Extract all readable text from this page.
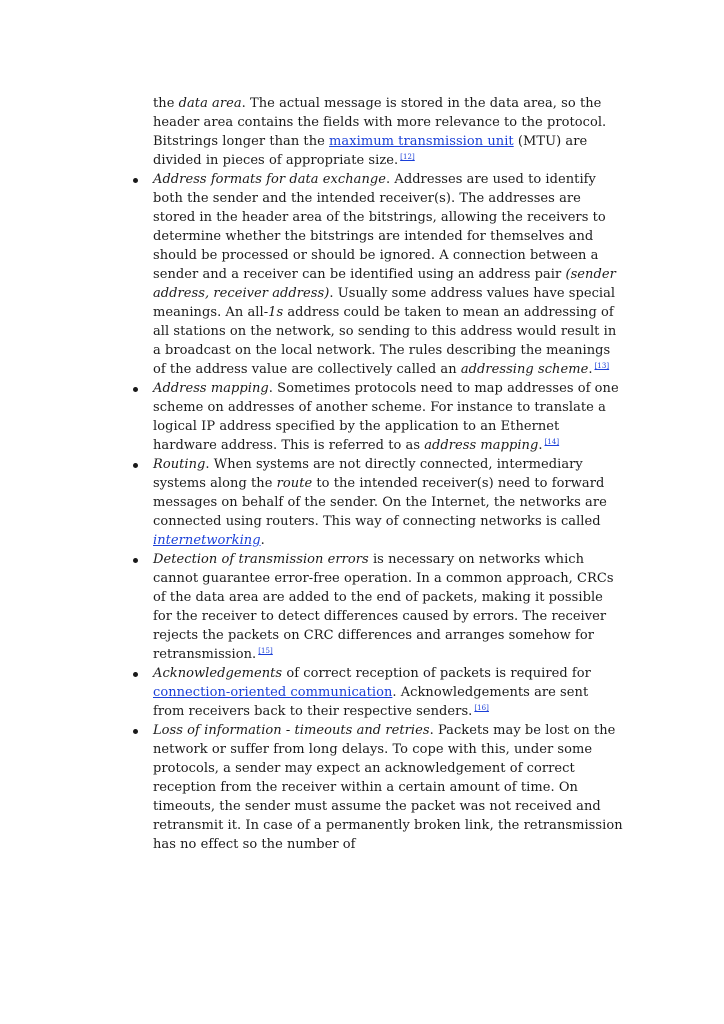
the data area. The actual message is stored in the data area, so the header area contains the fields with more relevance to the protocol. Bitstrings longer than the maximum transmission unit (MTU) are divided in pieces of appropriate size. [12]

Address formats for data exchange. Addresses are used to identify both the sender and the intended receiver(s). The addresses are stored in the header area of the bitstrings, allowing the receivers to determine whether the bitstrings are intended for themselves and should be processed or should be ignored. A connection between a sender and a receiver can be identified using an address pair (sender address, receiver address). Usually some address values have special meanings. An all-1s address could be taken to mean an addressing of all stations on the network, so sending to this address would result in a broadcast on the local network. The rules describing the meanings of the address value are collectively called an addressing scheme. [13]
Address mapping. Sometimes protocols need to map addresses of one scheme on addresses of another scheme. For instance to translate a logical IP address specified by the application to an Ethernet hardware address. This is referred to as address mapping. [14]
Routing. When systems are not directly connected, intermediary systems along the route to the intended receiver(s) need to forward messages on behalf of the sender. On the Internet, the networks are connected using routers. This way of connecting networks is called internetworking.
Detection of transmission errors is necessary on networks which cannot guarantee error-free operation. In a common approach, CRCs of the data area are added to the end of packets, making it possible for the receiver to detect differences caused by errors. The receiver rejects the packets on CRC differences and arranges somehow for retransmission. [15]
Acknowledgements of correct reception of packets is required for connection-oriented communication. Acknowledgements are sent from receivers back to their respective senders. [16]
Loss of information - timeouts and retries. Packets may be lost on the network or suffer from long delays. To cope with this, under some protocols, a sender may expect an acknowledgement of correct reception from the receiver within a certain amount of time. On timeouts, the sender must assume the packet was not received and retransmit it. In case of a permanently broken link, the retransmission has no effect so the number of
